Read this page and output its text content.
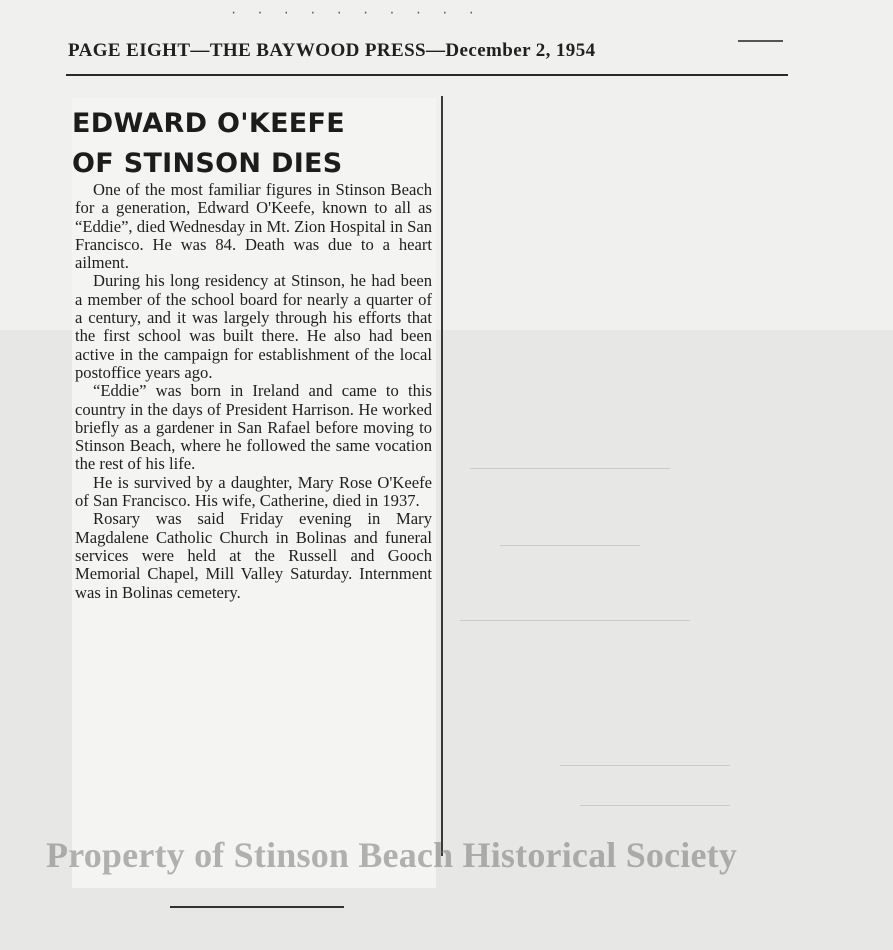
· · · · · · · · · ·
PAGE EIGHT—THE BAYWOOD PRESS—December 2, 1954
EDWARD O'KEEFE
OF STINSON DIES

One of the most familiar figures in Stinson Beach for a generation, Edward O'Keefe, known to all as “Eddie”, died Wednesday in Mt. Zion Hospital in San Francisco. He was 84. Death was due to a heart ailment.

During his long residency at Stinson, he had been a member of the school board for nearly a quarter of a century, and it was largely through his efforts that the first school was built there. He also had been active in the campaign for establishment of the local postoffice years ago.

“Eddie” was born in Ireland and came to this country in the days of President Harrison. He worked briefly as a gardener in San Rafael before moving to Stinson Beach, where he followed the same vocation the rest of his life.

He is survived by a daughter, Mary Rose O'Keefe of San Francisco. His wife, Catherine, died in 1937.

Rosary was said Friday evening in Mary Magdalene Catholic Church in Bolinas and funeral services were held at the Russell and Gooch Memorial Chapel, Mill Valley Saturday. Internment was in Bolinas cemetery.

Property of Stinson Beach Historical Society
